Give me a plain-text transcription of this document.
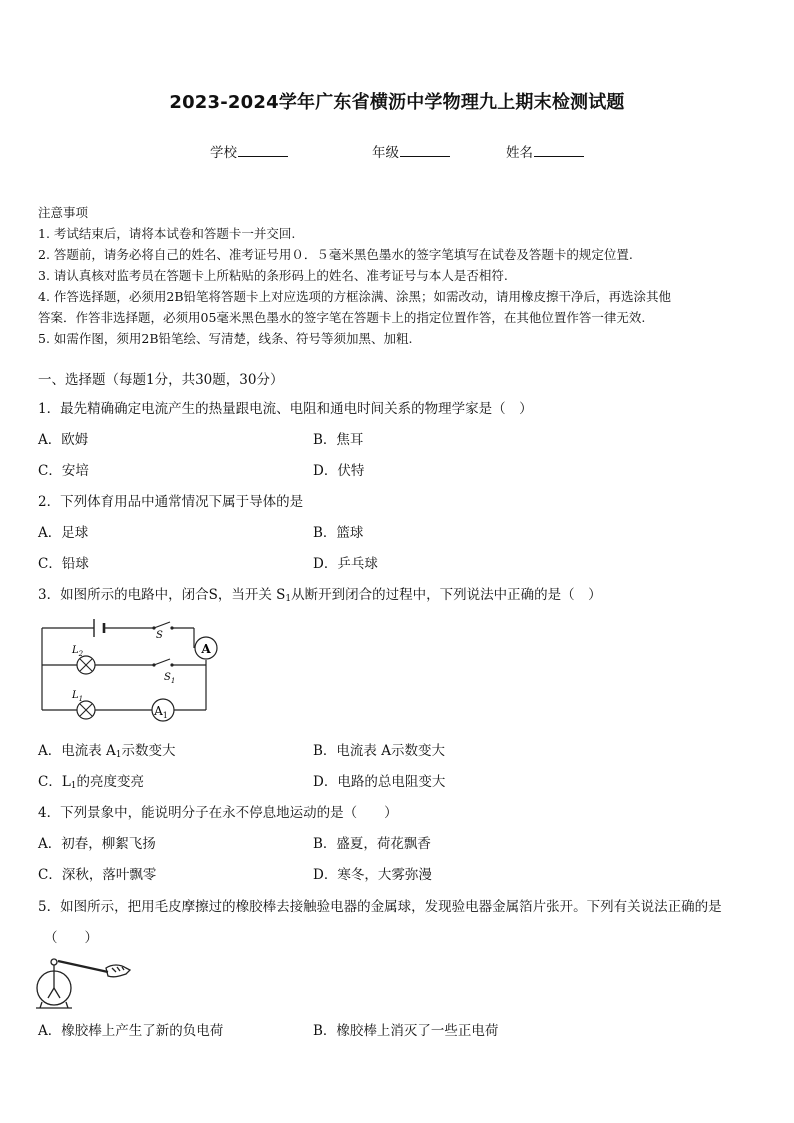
2023-2024学年广东省横沥中学物理九上期末检测试题
学校	年级	姓名
注意事项
1. 考试结束后，请将本试卷和答题卡一并交回.
2. 答题前，请务必将自己的姓名、准考证号用０．５毫米黑色墨水的签字笔填写在试卷及答题卡的规定位置.
3. 请认真核对监考员在答题卡上所粘贴的条形码上的姓名、准考证号与本人是否相符.
4. 作答选择题，必须用2B铅笔将答题卡上对应选项的方框涂满、涂黑；如需改动，请用橡皮擦干净后，再选涂其他
答案．作答非选择题，必须用05毫米黑色墨水的签字笔在答题卡上的指定位置作答，在其他位置作答一律无效.
5. 如需作图，须用2B铅笔绘、写清楚，线条、符号等须加黑、加粗.
一、选择题（每题1分，共30题，30分）
1．最先精确确定电流产生的热量跟电流、电阻和通电时间关系的物理学家是（　）
A．欧姆	B．焦耳
C．安培	D．伏特
2．下列体育用品中通常情况下属于导体的是
A．足球	B．篮球
C．铅球	D．乒乓球
3．如图所示的电路中，闭合S，当开关 $S_1$从断开到闭合的过程中，下列说法中正确的是（　）
A
$A_1$
S
$L_2$
$S_1$
$L_1$
A．电流表 $A_1$示数变大	B．电流表 A示数变大
C．$L_1$的亮度变亮	D．电路的总电阻变大
4．下列景象中，能说明分子在永不停息地运动的是（　　）
A．初春，柳絮飞扬	B．盛夏，荷花飘香
C．深秋，落叶飘零	D．寒冬，大雾弥漫
5．如图所示，把用毛皮摩擦过的橡胶棒去接触验电器的金属球，发现验电器金属箔片张开。下列有关说法正确的是
（　　）
A．橡胶棒上产生了新的负电荷	B．橡胶棒上消灭了一些正电荷
